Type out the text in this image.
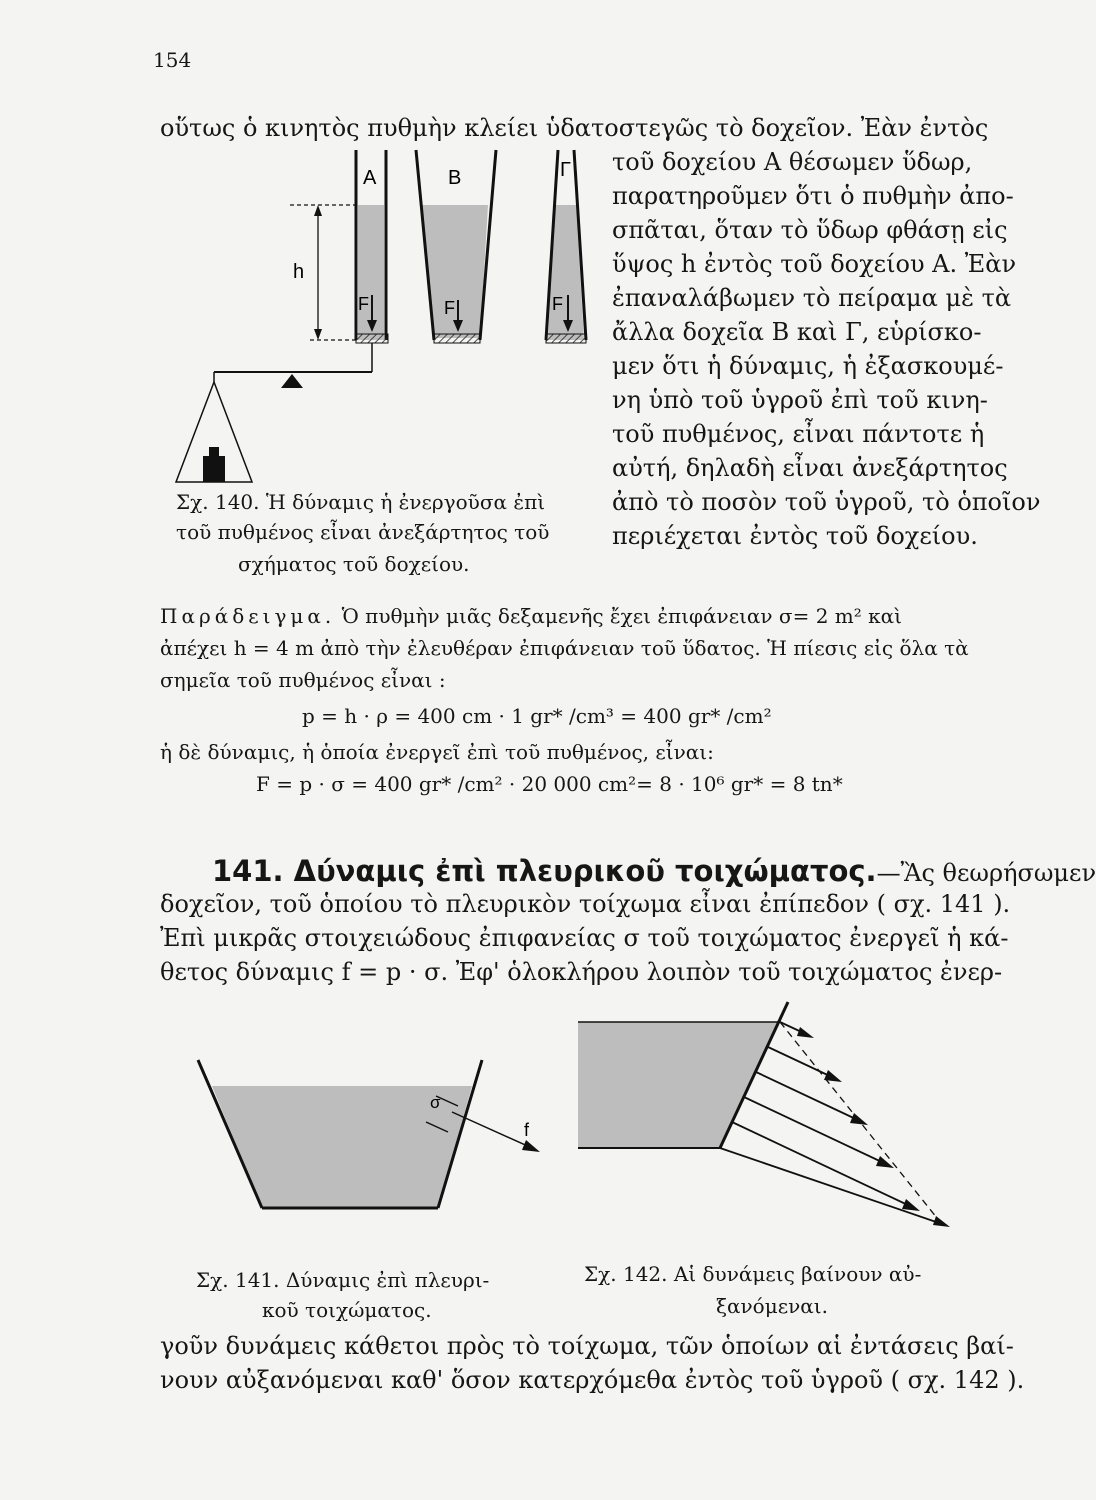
154
οὕτως ὁ κινητὸς πυθμὴν κλείει ὑδατοστεγῶς τὸ δοχεῖον. Ἐὰν ἐντὸς
τοῦ δοχείου Α θέσωμεν ὕδωρ,
παρατηροῦμεν ὅτι ὁ πυθμὴν ἀπο-
σπᾶται, ὅταν τὸ ὕδωρ φθάσῃ εἰς
ὕψος h ἐντὸς τοῦ δοχείου Α. Ἐὰν
ἐπαναλάβωμεν τὸ πείραμα μὲ τὰ
ἄλλα δοχεῖα Β καὶ Γ, εὑρίσκο-
μεν ὅτι ἡ δύναμις, ἡ ἐξασκουμέ-
νη ὑπὸ τοῦ ὑγροῦ ἐπὶ τοῦ κινη-
τοῦ πυθμένος, εἶναι πάντοτε ἡ
αὐτή, δηλαδὴ εἶναι ἀνεξάρτητος
ἀπὸ τὸ ποσὸν τοῦ ὑγροῦ, τὸ ὁποῖον
περιέχεται ἐντὸς τοῦ δοχείου.
Α
h
F
Β
F
Γ
F
Σχ. 140. Ἡ δύναμις ἡ ἐνεργοῦσα ἐπὶ
τοῦ πυθμένος εἶναι ἀνεξάρτητος τοῦ
σχήματος τοῦ δοχείου.
Παράδειγμα. Ὁ πυθμὴν μιᾶς δεξαμενῆς ἔχει ἐπιφάνειαν σ= 2 m² καὶ
ἀπέχει h = 4 m ἀπὸ τὴν ἐλευθέραν ἐπιφάνειαν τοῦ ὕδατος. Ἡ πίεσις εἰς ὅλα τὰ
σημεῖα τοῦ πυθμένος εἶναι :
p = h · ρ = 400 cm · 1 gr* /cm³ = 400 gr* /cm²
ἡ δὲ δύναμις, ἡ ὁποία ἐνεργεῖ ἐπὶ τοῦ πυθμένος, εἶναι:
F = p · σ = 400 gr* /cm² · 20 000 cm²= 8 · 10⁶ gr* = 8 tn*
141. Δύναμις ἐπὶ πλευρικοῦ τοιχώματος.—Ἂς θεωρήσωμεν
δοχεῖον, τοῦ ὁποίου τὸ πλευρικὸν τοίχωμα εἶναι ἐπίπεδον ( σχ. 141 ).
Ἐπὶ μικρᾶς στοιχειώδους ἐπιφανείας σ τοῦ τοιχώματος ἐνεργεῖ ἡ κά-
θετος δύναμις f = p · σ. Ἐφ' ὁλοκλήρου λοιπὸν τοῦ τοιχώματος ἐνερ-
σ
f
Σχ. 141. Δύναμις ἐπὶ πλευρι-
κοῦ τοιχώματος.
Σχ. 142. Αἱ δυνάμεις βαίνουν αὐ-
ξανόμεναι.
γοῦν δυνάμεις κάθετοι πρὸς τὸ τοίχωμα, τῶν ὁποίων αἱ ἐντάσεις βαί-
νουν αὐξανόμεναι καθ' ὅσον κατερχόμεθα ἐντὸς τοῦ ὑγροῦ ( σχ. 142 ).
